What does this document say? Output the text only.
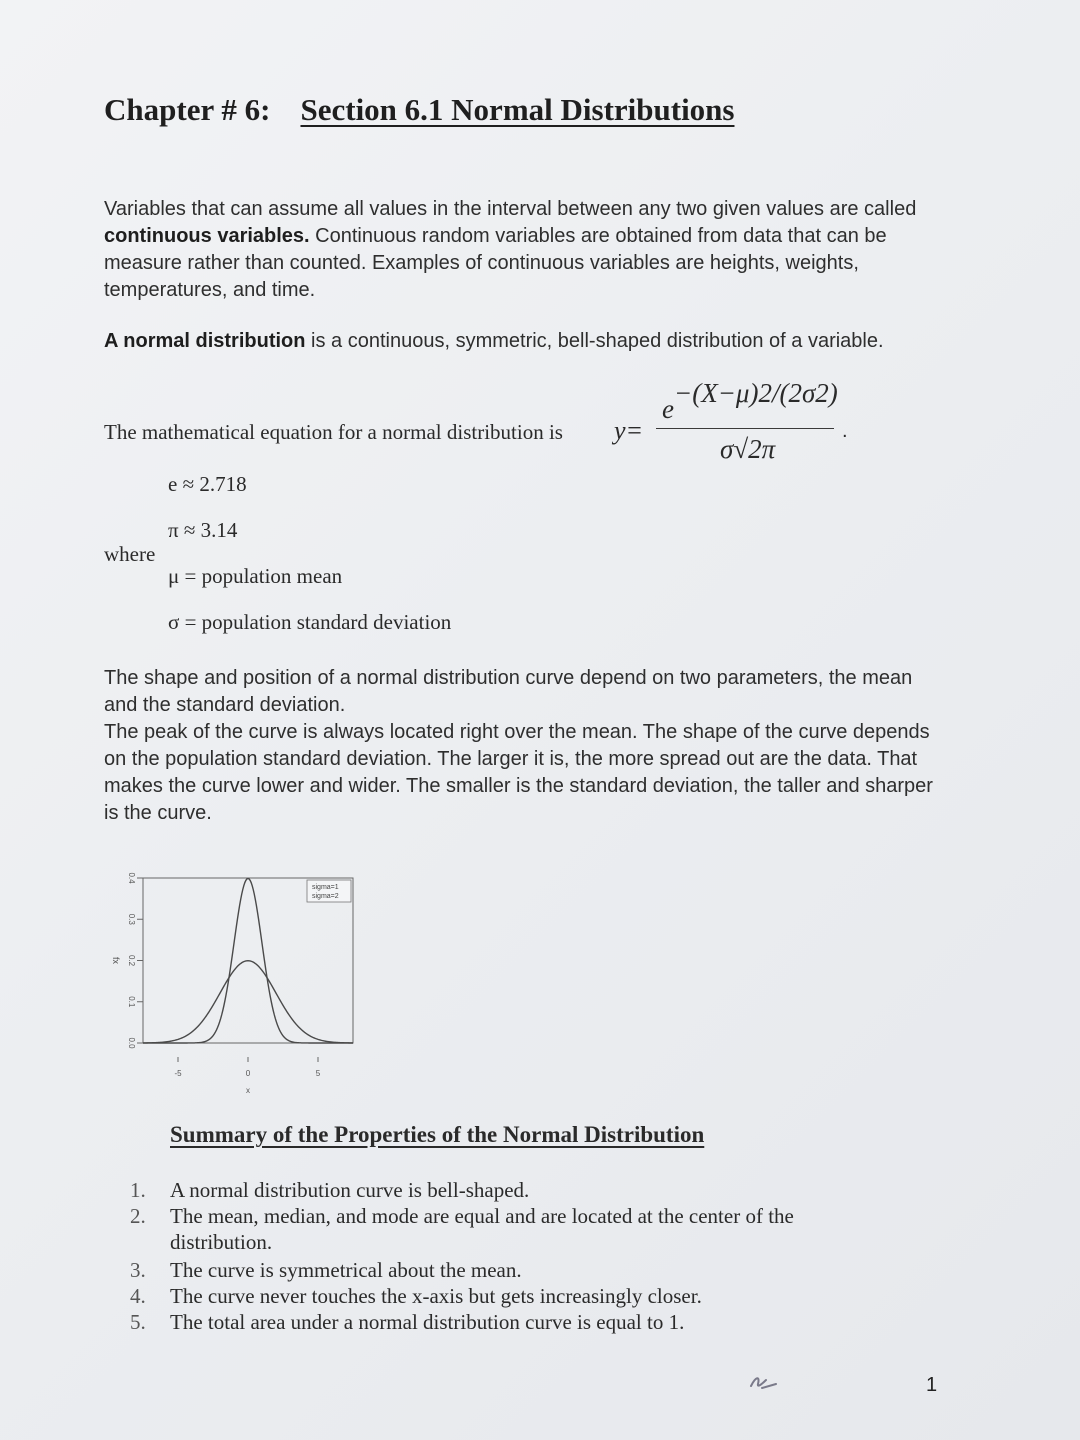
Chapter # 6: Section 6.1 Normal Distributions
Variables that can assume all values in the interval between any two given values are called continuous variables. Continuous random variables are obtained from data that can be measure rather than counted. Examples of continuous variables are heights, weights, temperatures, and time.
A normal distribution is a continuous, symmetric, bell-shaped distribution of a variable.
The mathematical equation for a normal distribution is y=
$e^{-(X-\mu)2/(2\sigma 2)}$
σ√2π
.
e ≈ 2.718
π ≈ 3.14
where
μ = population mean
σ = population standard deviation
The shape and position of a normal distribution curve depend on two parameters, the mean and the standard deviation.
The peak of the curve is always located right over the mean. The shape of the curve depends on the population standard deviation. The larger it is, the more spread out are the data. That makes the curve lower and wider. The smaller is the standard deviation, the taller and sharper is the curve.
0.0
0.1
0.2
0.3
0.4
fx
-5	0	5
x
sigma=1
sigma=2
Summary of the Properties of the Normal Distribution
1.	A normal distribution curve is bell-shaped.
2.	The mean, median, and mode are equal and are located at the center of the distribution.
3.	The curve is symmetrical about the mean.
4.	The curve never touches the x-axis but gets increasingly closer.
5.	The total area under a normal distribution curve is equal to 1.
1
